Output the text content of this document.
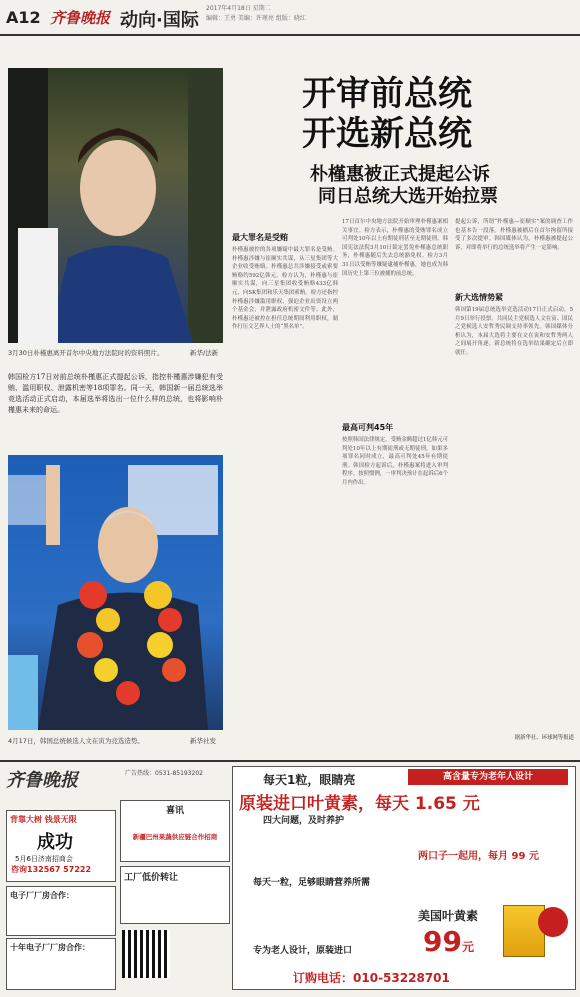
A12 齐鲁晚报 动向·国际
2017年4月18日 星期二
编辑：王勇 美编：许瑾亮 组版：晓红
3月30日朴槿惠离开首尔中央地方法院时的资料照片。	新华/法新
开审前总统
开选新总统
朴槿惠被正式提起公诉
同日总统大选开始拉票
韩国检方17日对前总统朴槿惠正式提起公诉，指控朴槿惠涉嫌犯有受贿、滥用职权、泄露机密等18项罪名。同一天，韩国新一届总统选举竞选活动正式启动，本届选举将选出一位什么样的总统，也将影响朴槿惠未来的命运。
4月17日，韩国总统候选人文在寅为竞选造势。	新华社发
最大罪名是受贿
朴槿惠被控的各项嫌疑中最大罪名是受贿。朴槿惠涉嫌与崔顺实共谋，从三星集团等大企业收受贿赂。朴槿惠总共涉嫌接受或索要贿赂约592亿韩元。检方认为，朴槿惠与崔顺实共谋，向三星集团收受贿赂433亿韩元，向SK集团和乐天集团索贿。检方还指控朴槿惠涉嫌滥用职权、强迫企业出资设立两个基金会，并泄露政府机密文件等。此外，朴槿惠还被控在担任总统期间利用职权，制作打压文艺界人士的“黑名单”。
17日首尔中央地方法院开始审理朴槿惠案相关事宜。检方表示，朴槿惠的受贿罪名成立可判处10年以上有期徒刑甚至无期徒刑。韩国宪法法院3月10日裁定罢免朴槿惠总统职务，朴槿惠随后失去总统豁免权。检方3月31日以受贿等嫌疑逮捕朴槿惠，她也成为韩国历史上第三位被捕的前总统。
最高可判45年
按照韩国法律规定，受贿金额超过1亿韩元可判处10年以上有期徒刑或无期徒刑。如果多项罪名同时成立，最高可判处45年有期徒刑。韩国检方起诉后，朴槿惠案将进入审判程序。按照惯例，一审判决预计在起诉后6个月内作出。
提起公诉，所谓“朴槿惠—崔顺实”案的调查工作也基本告一段落。朴槿惠被捕后在首尔拘留所接受了多次提审。韩国媒体认为，朴槿惠被提起公诉，对即将举行的总统选举将产生一定影响。
新大选情势紧
韩国第19届总统选举竞选活动17日正式启动，5月9日举行投票。共同民主党候选人文在寅、国民之党候选人安哲秀民调支持率领先。韩国媒体分析认为，本届大选将主要在文在寅和安哲秀两人之间展开角逐。新总统将在选举结果确定后立即就任。
据新华社、环球网等报道
齐鲁晚报	广告热线：0531-85193202
背靠大树 钱景无限
成功
5月6日济南招商会
咨询132567 57222
电子厂厂房合作：
十年电子厂厂房合作：
喜讯
新疆巴州果蔬供应链合作招商
工厂低价转让
每天1粒，眼睛亮	高含量专为老年人设计
原装进口叶黄素，每天 1.65 元
四大问题，及时养护
每天一粒，足够眼睛营养所需
专为老人设计，原装进口
两口子一起用，每月 99 元
美国叶黄素
99元
订购电话：010-53228701
